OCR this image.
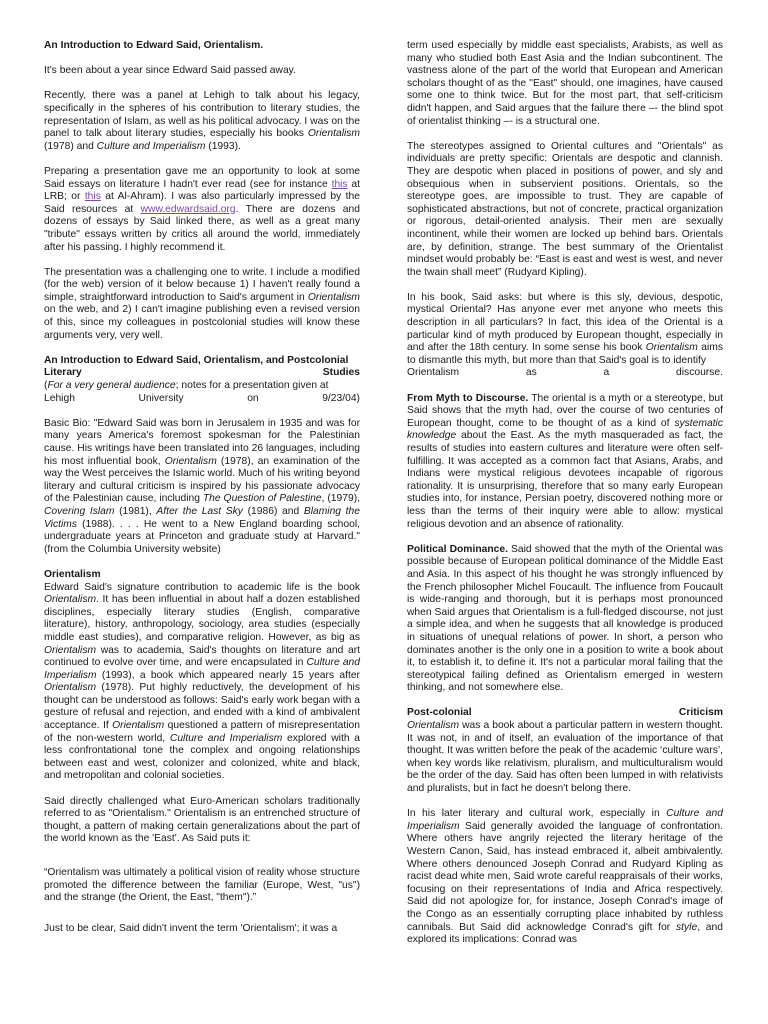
An Introduction to Edward Said, Orientalism.

It's been about a year since Edward Said passed away.

Recently, there was a panel at Lehigh to talk about his legacy, specifically in the spheres of his contribution to literary studies, the representation of Islam, as well as his political advocacy. I was on the panel to talk about literary studies, especially his books Orientalism (1978) and Culture and Imperialism (1993).

Preparing a presentation gave me an opportunity to look at some Said essays on literature I hadn't ever read (see for instance this at LRB; or this at Al-Ahram). I was also particularly impressed by the Said resources at www.edwardsaid.org. There are dozens and dozens of essays by Said linked there, as well as a great many "tribute" essays written by critics all around the world, immediately after his passing. I highly recommend it.

The presentation was a challenging one to write. I include a modified (for the web) version of it below because 1) I haven't really found a simple, straightforward introduction to Said's argument in Orientalism on the web, and 2) I can't imagine publishing even a revised version of this, since my colleagues in postcolonial studies will know these arguments very, very well.

An Introduction to Edward Said, Orientalism, and Postcolonial
Literary	Studies
(For a very general audience; notes for a presentation given at
Lehigh	University	on	9/23/04)

Basic Bio: "Edward Said was born in Jerusalem in 1935 and was for many years America's foremost spokesman for the Palestinian cause. His writings have been translated into 26 languages, including his most influential book, Orientalism (1978), an examination of the way the West perceives the Islamic world. Much of his writing beyond literary and cultural criticism is inspired by his passionate advocacy of the Palestinian cause, including The Question of Palestine, (1979), Covering Islam (1981), After the Last Sky (1986) and Blaming the Victims (1988). . . . He went to a New England boarding school, undergraduate years at Princeton and graduate study at Harvard." (from the Columbia University website)

Orientalism

Edward Said's signature contribution to academic life is the book Orientalism. It has been influential in about half a dozen established disciplines, especially literary studies (English, comparative literature), history, anthropology, sociology, area studies (especially middle east studies), and comparative religion. However, as big as Orientalism was to academia, Said's thoughts on literature and art continued to evolve over time, and were encapsulated in Culture and Imperialism (1993), a book which appeared nearly 15 years after Orientalism (1978). Put highly reductively, the development of his thought can be understood as follows: Said's early work began with a gesture of refusal and rejection, and ended with a kind of ambivalent acceptance. If Orientalism questioned a pattern of misrepresentation of the non-western world, Culture and Imperialism explored with a less confrontational tone the complex and ongoing relationships between east and west, colonizer and colonized, white and black, and metropolitan and colonial societies.

Said directly challenged what Euro-American scholars traditionally referred to as "Orientalism." Orientalism is an entrenched structure of thought, a pattern of making certain generalizations about the part of the world known as the 'East'. As Said puts it:

“Orientalism was ultimately a political vision of reality whose structure promoted the difference between the familiar (Europe, West, "us") and the strange (the Orient, the East, "them").”

Just to be clear, Said didn't invent the term 'Orientalism'; it was a

term used especially by middle east specialists, Arabists, as well as many who studied both East Asia and the Indian subcontinent. The vastness alone of the part of the world that European and American scholars thought of as the "East" should, one imagines, have caused some one to think twice. But for the most part, that self-criticism didn't happen, and Said argues that the failure there –- the blind spot of orientalist thinking –- is a structural one.

The stereotypes assigned to Oriental cultures and "Orientals" as individuals are pretty specific: Orientals are despotic and clannish. They are despotic when placed in positions of power, and sly and obsequious when in subservient positions. Orientals, so the stereotype goes, are impossible to trust. They are capable of sophisticated abstractions, but not of concrete, practical organization or rigorous, detail-oriented analysis. Their men are sexually incontinent, while their women are locked up behind bars. Orientals are, by definition, strange. The best summary of the Orientalist mindset would probably be: “East is east and west is west, and never the twain shall meet” (Rudyard Kipling).

In his book, Said asks: but where is this sly, devious, despotic, mystical Oriental? Has anyone ever met anyone who meets this description in all particulars? In fact, this idea of the Oriental is a particular kind of myth produced by European thought, especially in and after the 18th century. In some sense his book Orientalism aims to dismantle this myth, but more than that Said's goal is to identify
Orientalism	as	a	discourse.

From Myth to Discourse. The oriental is a myth or a stereotype, but Said shows that the myth had, over the course of two centuries of European thought, come to be thought of as a kind of systematic knowledge about the East. As the myth masqueraded as fact, the results of studies into eastern cultures and literature were often self-fulfilling. It was accepted as a common fact that Asians, Arabs, and Indians were mystical religious devotees incapable of rigorous rationality. It is unsurprising, therefore that so many early European studies into, for instance, Persian poetry, discovered nothing more or less than the terms of their inquiry were able to allow: mystical religious devotion and an absence of rationality.

Political Dominance. Said showed that the myth of the Oriental was possible because of European political dominance of the Middle East and Asia. In this aspect of his thought he was strongly influenced by the French philosopher Michel Foucault. The influence from Foucault is wide-ranging and thorough, but it is perhaps most pronounced when Said argues that Orientalism is a full-fledged discourse, not just a simple idea, and when he suggests that all knowledge is produced in situations of unequal relations of power. In short, a person who dominates another is the only one in a position to write a book about it, to establish it, to define it. It's not a particular moral failing that the stereotypical failing defined as Orientalism emerged in western thinking, and not somewhere else.

Post-colonial	Criticism
Orientalism was a book about a particular pattern in western thought. It was not, in and of itself, an evaluation of the importance of that thought. It was written before the peak of the academic ‘culture wars’, when key words like relativism, pluralism, and multiculturalism would be the order of the day. Said has often been lumped in with relativists and pluralists, but in fact he doesn't belong there.

In his later literary and cultural work, especially in Culture and Imperialism Said generally avoided the language of confrontation. Where others have angrily rejected the literary heritage of the Western Canon, Said, has instead embraced it, albeit ambivalently. Where others denounced Joseph Conrad and Rudyard Kipling as racist dead white men, Said wrote careful reappraisals of their works, focusing on their representations of India and Africa respectively. Said did not apologize for, for instance, Joseph Conrad's image of the Congo as an essentially corrupting place inhabited by ruthless cannibals. But Said did acknowledge Conrad's gift for style, and explored its implications: Conrad was
